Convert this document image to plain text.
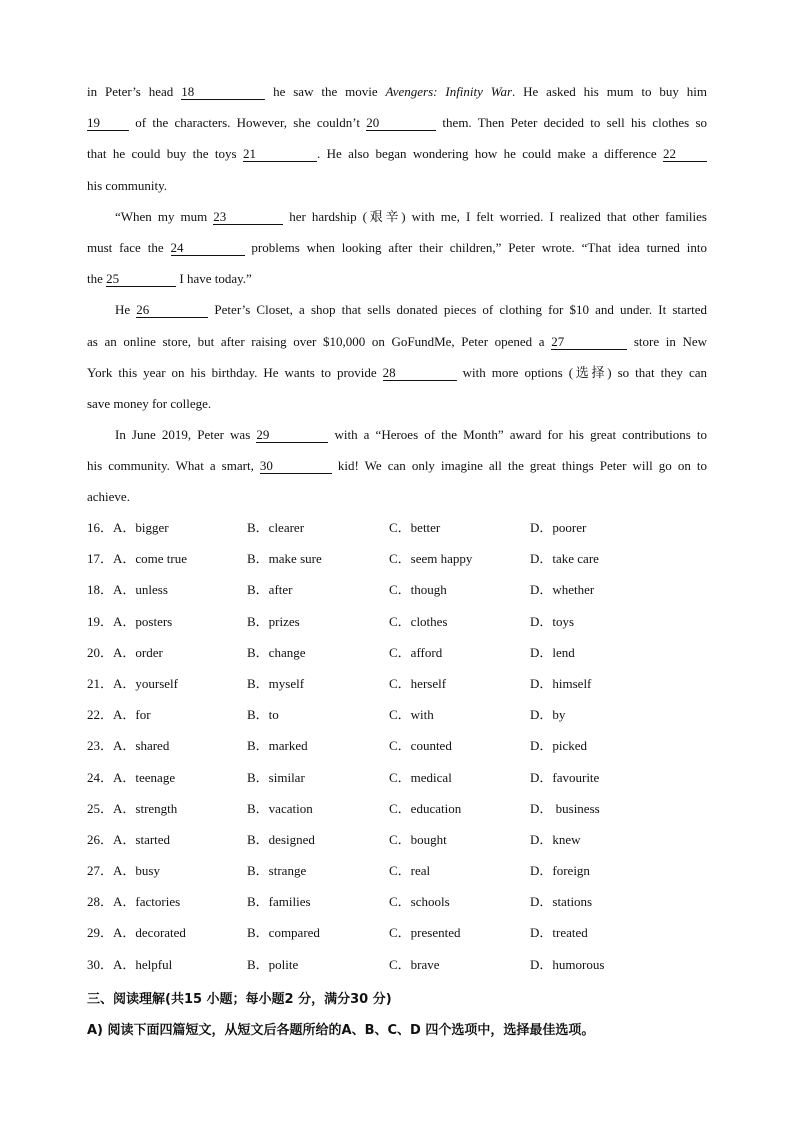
in Peter’s head 18	he saw the movie Avengers: Infinity War. He asked his mum to buy him
19 of the characters. However, she couldn’t 20	them. Then Peter decided to sell his clothes so
that he could buy the toys 21	. He also began wondering how he could make a difference 22
his community.
“When my mum 23	her hardship (艰辛) with me, I felt worried. I realized that other families
must face the 24	problems when looking after their children,” Peter wrote. “That idea turned into
the 25	I have today.”
He 26	Peter’s Closet, a shop that sells donated pieces of clothing for $10 and under. It started
as an online store, but after raising over $10,000 on GoFundMe, Peter opened a 27	store in New
York this year on his birthday. He wants to provide 28	with more options (选择) so that they can
save money for college.
In June 2019, Peter was 29	with a “Heroes of the Month” award for his great contributions to
his community. What a smart, 30	kid! We can only imagine all the great things Peter will go on to
achieve.
16．A．bigger	B．clearer	C．better	D．poorer
17．A．come true	B．make sure	C．seem happy	D．take care
18．A．unless	B．after	C．though	D．whether
19．A．posters	B．prizes	C．clothes	D．toys
20．A．order	B．change	C．afford	D．lend
21．A．yourself	B．myself	C．herself	D．himself
22．A．for	B．to	C．with	D．by
23．A．shared	B．marked	C．counted	D．picked
24．A．teenage	B．similar	C．medical	D．favourite
25．A．strength	B．vacation	C．education	D． business
26．A．started	B．designed	C．bought	D．knew
27．A．busy	B．strange	C．real	D．foreign
28．A．factories	B．families	C．schools	D．stations
29．A．decorated	B．compared	C．presented	D．treated
30．A．helpful	B．polite	C．brave	D．humorous
三、阅读理解(共15 小题；每小题2 分，满分30 分)
A) 阅读下面四篇短文，从短文后各题所给的A、B、C、D 四个选项中，选择最佳选项。
